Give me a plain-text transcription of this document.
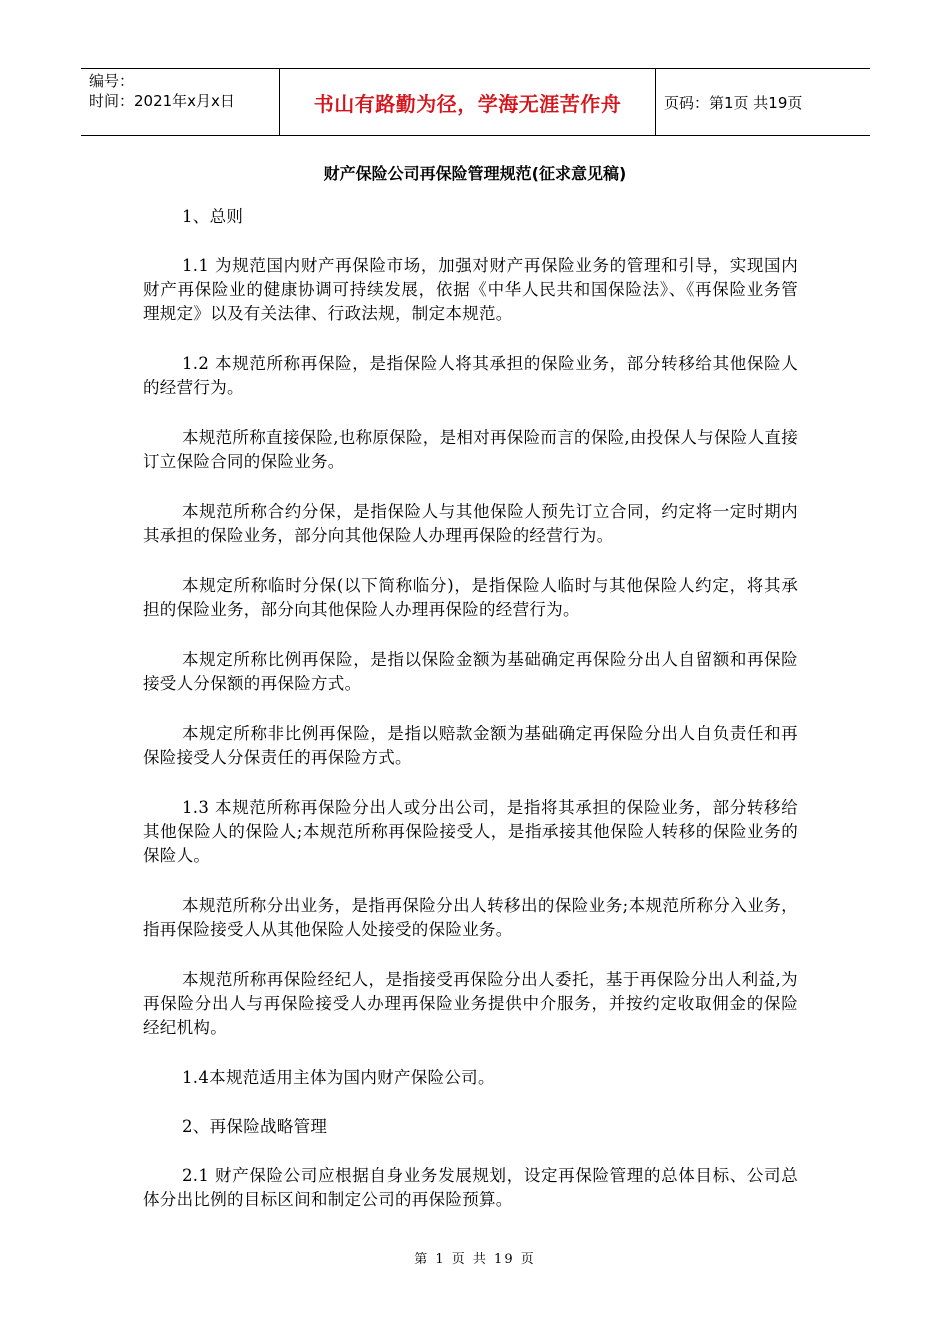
编号：
时间：2021年x月x日	书山有路勤为径，学海无涯苦作舟	页码：第1页 共19页
财产保险公司再保险管理规范(征求意见稿)

1、总则

1.1 为规范国内财产再保险市场，加强对财产再保险业务的管理和引导，实现国内财产再保险业的健康协调可持续发展，依据《中华人民共和国保险法》、《再保险业务管理规定》以及有关法律、行政法规，制定本规范。

1.2 本规范所称再保险，是指保险人将其承担的保险业务，部分转移给其他保险人的经营行为。

本规范所称直接保险,也称原保险，是相对再保险而言的保险,由投保人与保险人直接订立保险合同的保险业务。

本规范所称合约分保，是指保险人与其他保险人预先订立合同，约定将一定时期内其承担的保险业务，部分向其他保险人办理再保险的经营行为。

本规定所称临时分保(以下简称临分)，是指保险人临时与其他保险人约定，将其承担的保险业务，部分向其他保险人办理再保险的经营行为。

本规定所称比例再保险，是指以保险金额为基础确定再保险分出人自留额和再保险接受人分保额的再保险方式。

本规定所称非比例再保险，是指以赔款金额为基础确定再保险分出人自负责任和再保险接受人分保责任的再保险方式。

1.3 本规范所称再保险分出人或分出公司，是指将其承担的保险业务，部分转移给其他保险人的保险人;本规范所称再保险接受人，是指承接其他保险人转移的保险业务的保险人。

本规范所称分出业务，是指再保险分出人转移出的保险业务;本规范所称分入业务，指再保险接受人从其他保险人处接受的保险业务。

本规范所称再保险经纪人，是指接受再保险分出人委托，基于再保险分出人利益,为再保险分出人与再保险接受人办理再保险业务提供中介服务，并按约定收取佣金的保险经纪机构。

1.4本规范适用主体为国内财产保险公司。

2、再保险战略管理

2.1 财产保险公司应根据自身业务发展规划，设定再保险管理的总体目标、公司总体分出比例的目标区间和制定公司的再保险预算。

第 1 页 共 19 页
